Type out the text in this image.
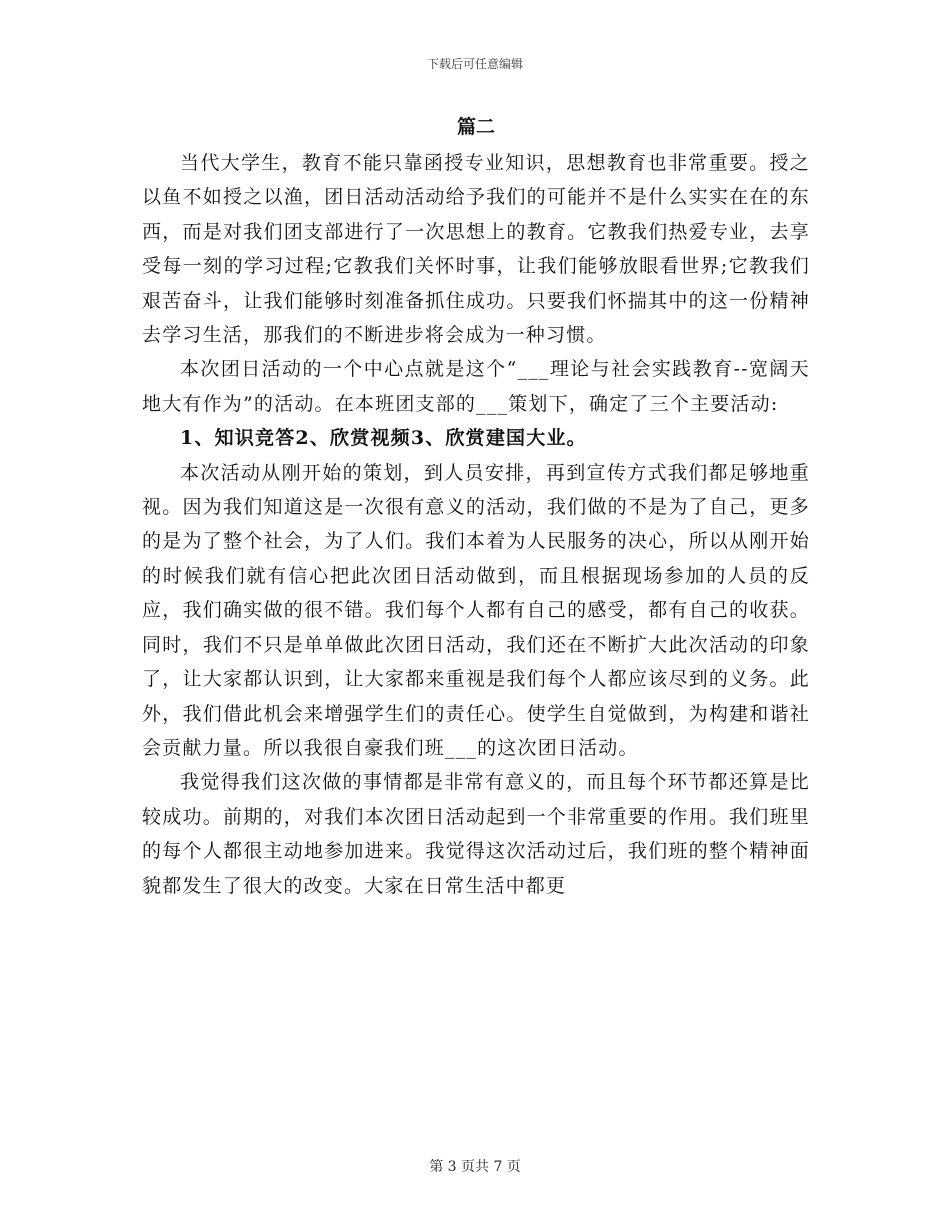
下载后可任意编辑
篇二

当代大学生，教育不能只靠函授专业知识，思想教育也非常重要。授之以鱼不如授之以渔，团日活动活动给予我们的可能并不是什么实实在在的东西，而是对我们团支部进行了一次思想上的教育。它教我们热爱专业，去享受每一刻的学习过程;它教我们关怀时事，让我们能够放眼看世界;它教我们艰苦奋斗，让我们能够时刻准备抓住成功。只要我们怀揣其中的这一份精神去学习生活，那我们的不断进步将会成为一种习惯。

本次团日活动的一个中心点就是这个“___理论与社会实践教育--宽阔天地大有作为”的活动。在本班团支部的___策划下，确定了三个主要活动:

1、知识竞答2、欣赏视频3、欣赏建国大业。

本次活动从刚开始的策划，到人员安排，再到宣传方式我们都足够地重视。因为我们知道这是一次很有意义的活动，我们做的不是为了自己，更多的是为了整个社会，为了人们。我们本着为人民服务的决心，所以从刚开始的时候我们就有信心把此次团日活动做到，而且根据现场参加的人员的反应，我们确实做的很不错。我们每个人都有自己的感受，都有自己的收获。同时，我们不只是单单做此次团日活动，我们还在不断扩大此次活动的印象了，让大家都认识到，让大家都来重视是我们每个人都应该尽到的义务。此外，我们借此机会来增强学生们的责任心。使学生自觉做到，为构建和谐社会贡献力量。所以我很自豪我们班___的这次团日活动。

我觉得我们这次做的事情都是非常有意义的，而且每个环节都还算是比较成功。前期的，对我们本次团日活动起到一个非常重要的作用。我们班里的每个人都很主动地参加进来。我觉得这次活动过后，我们班的整个精神面貌都发生了很大的改变。大家在日常生活中都更

第 3 页共 7 页
